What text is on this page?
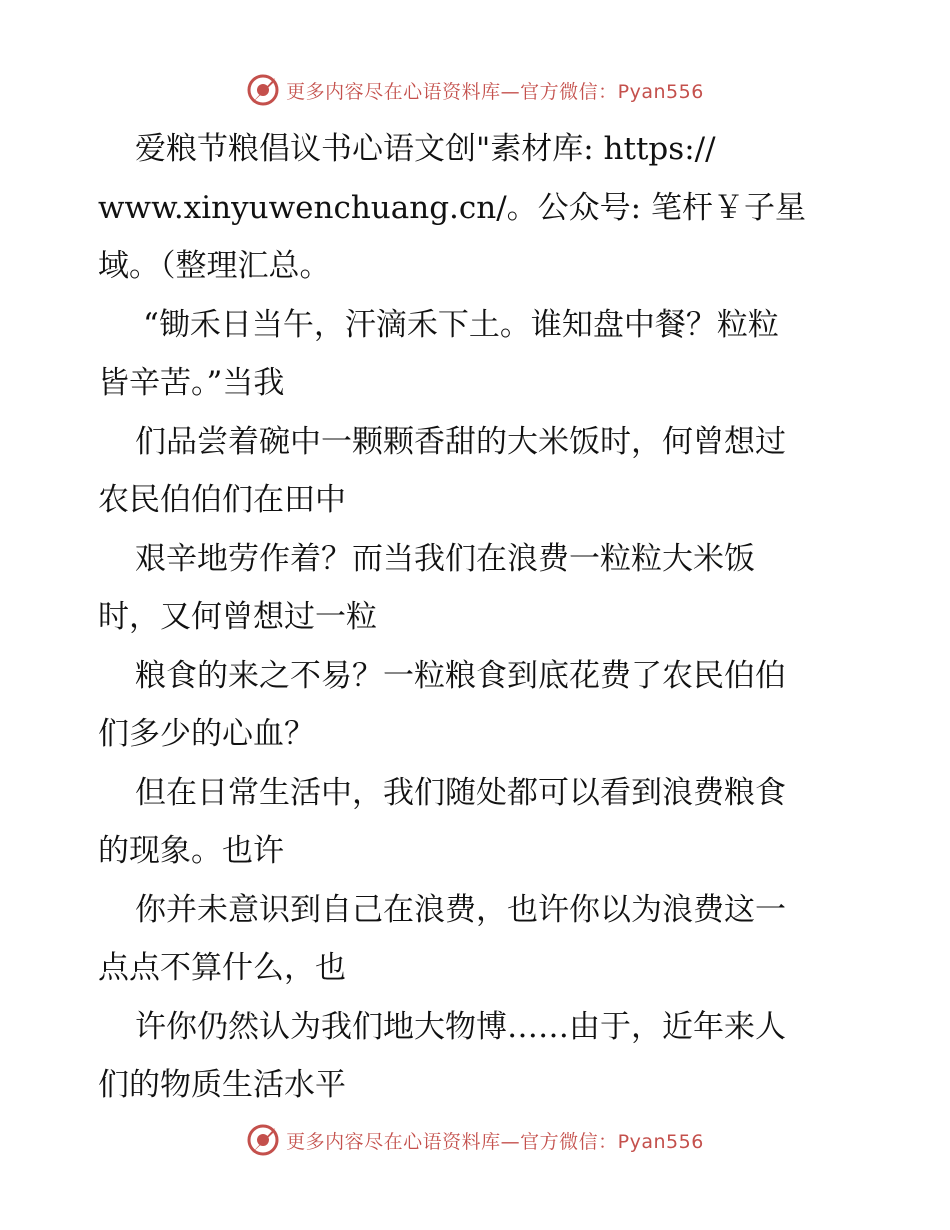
更多内容尽在心语资料库—官方微信：Pyan556
爱粮节粮倡议书心语文创"素材库: https://
www.xinyuwenchuang.cn/。公众号: 笔杆￥子星
域。（整理汇总。
“锄禾日当午，汗滴禾下土。谁知盘中餐？粒粒
皆辛苦。”当我
们品尝着碗中一颗颗香甜的大米饭时，何曾想过
农民伯伯们在田中
艰辛地劳作着？而当我们在浪费一粒粒大米饭
时，又何曾想过一粒
粮食的来之不易？一粒粮食到底花费了农民伯伯
们多少的心血？
但在日常生活中，我们随处都可以看到浪费粮食
的现象。也许
你并未意识到自己在浪费，也许你以为浪费这一
点点不算什么，也
许你仍然认为我们地大物博……由于，近年来人
们的物质生活水平
更多内容尽在心语资料库—官方微信：Pyan556
